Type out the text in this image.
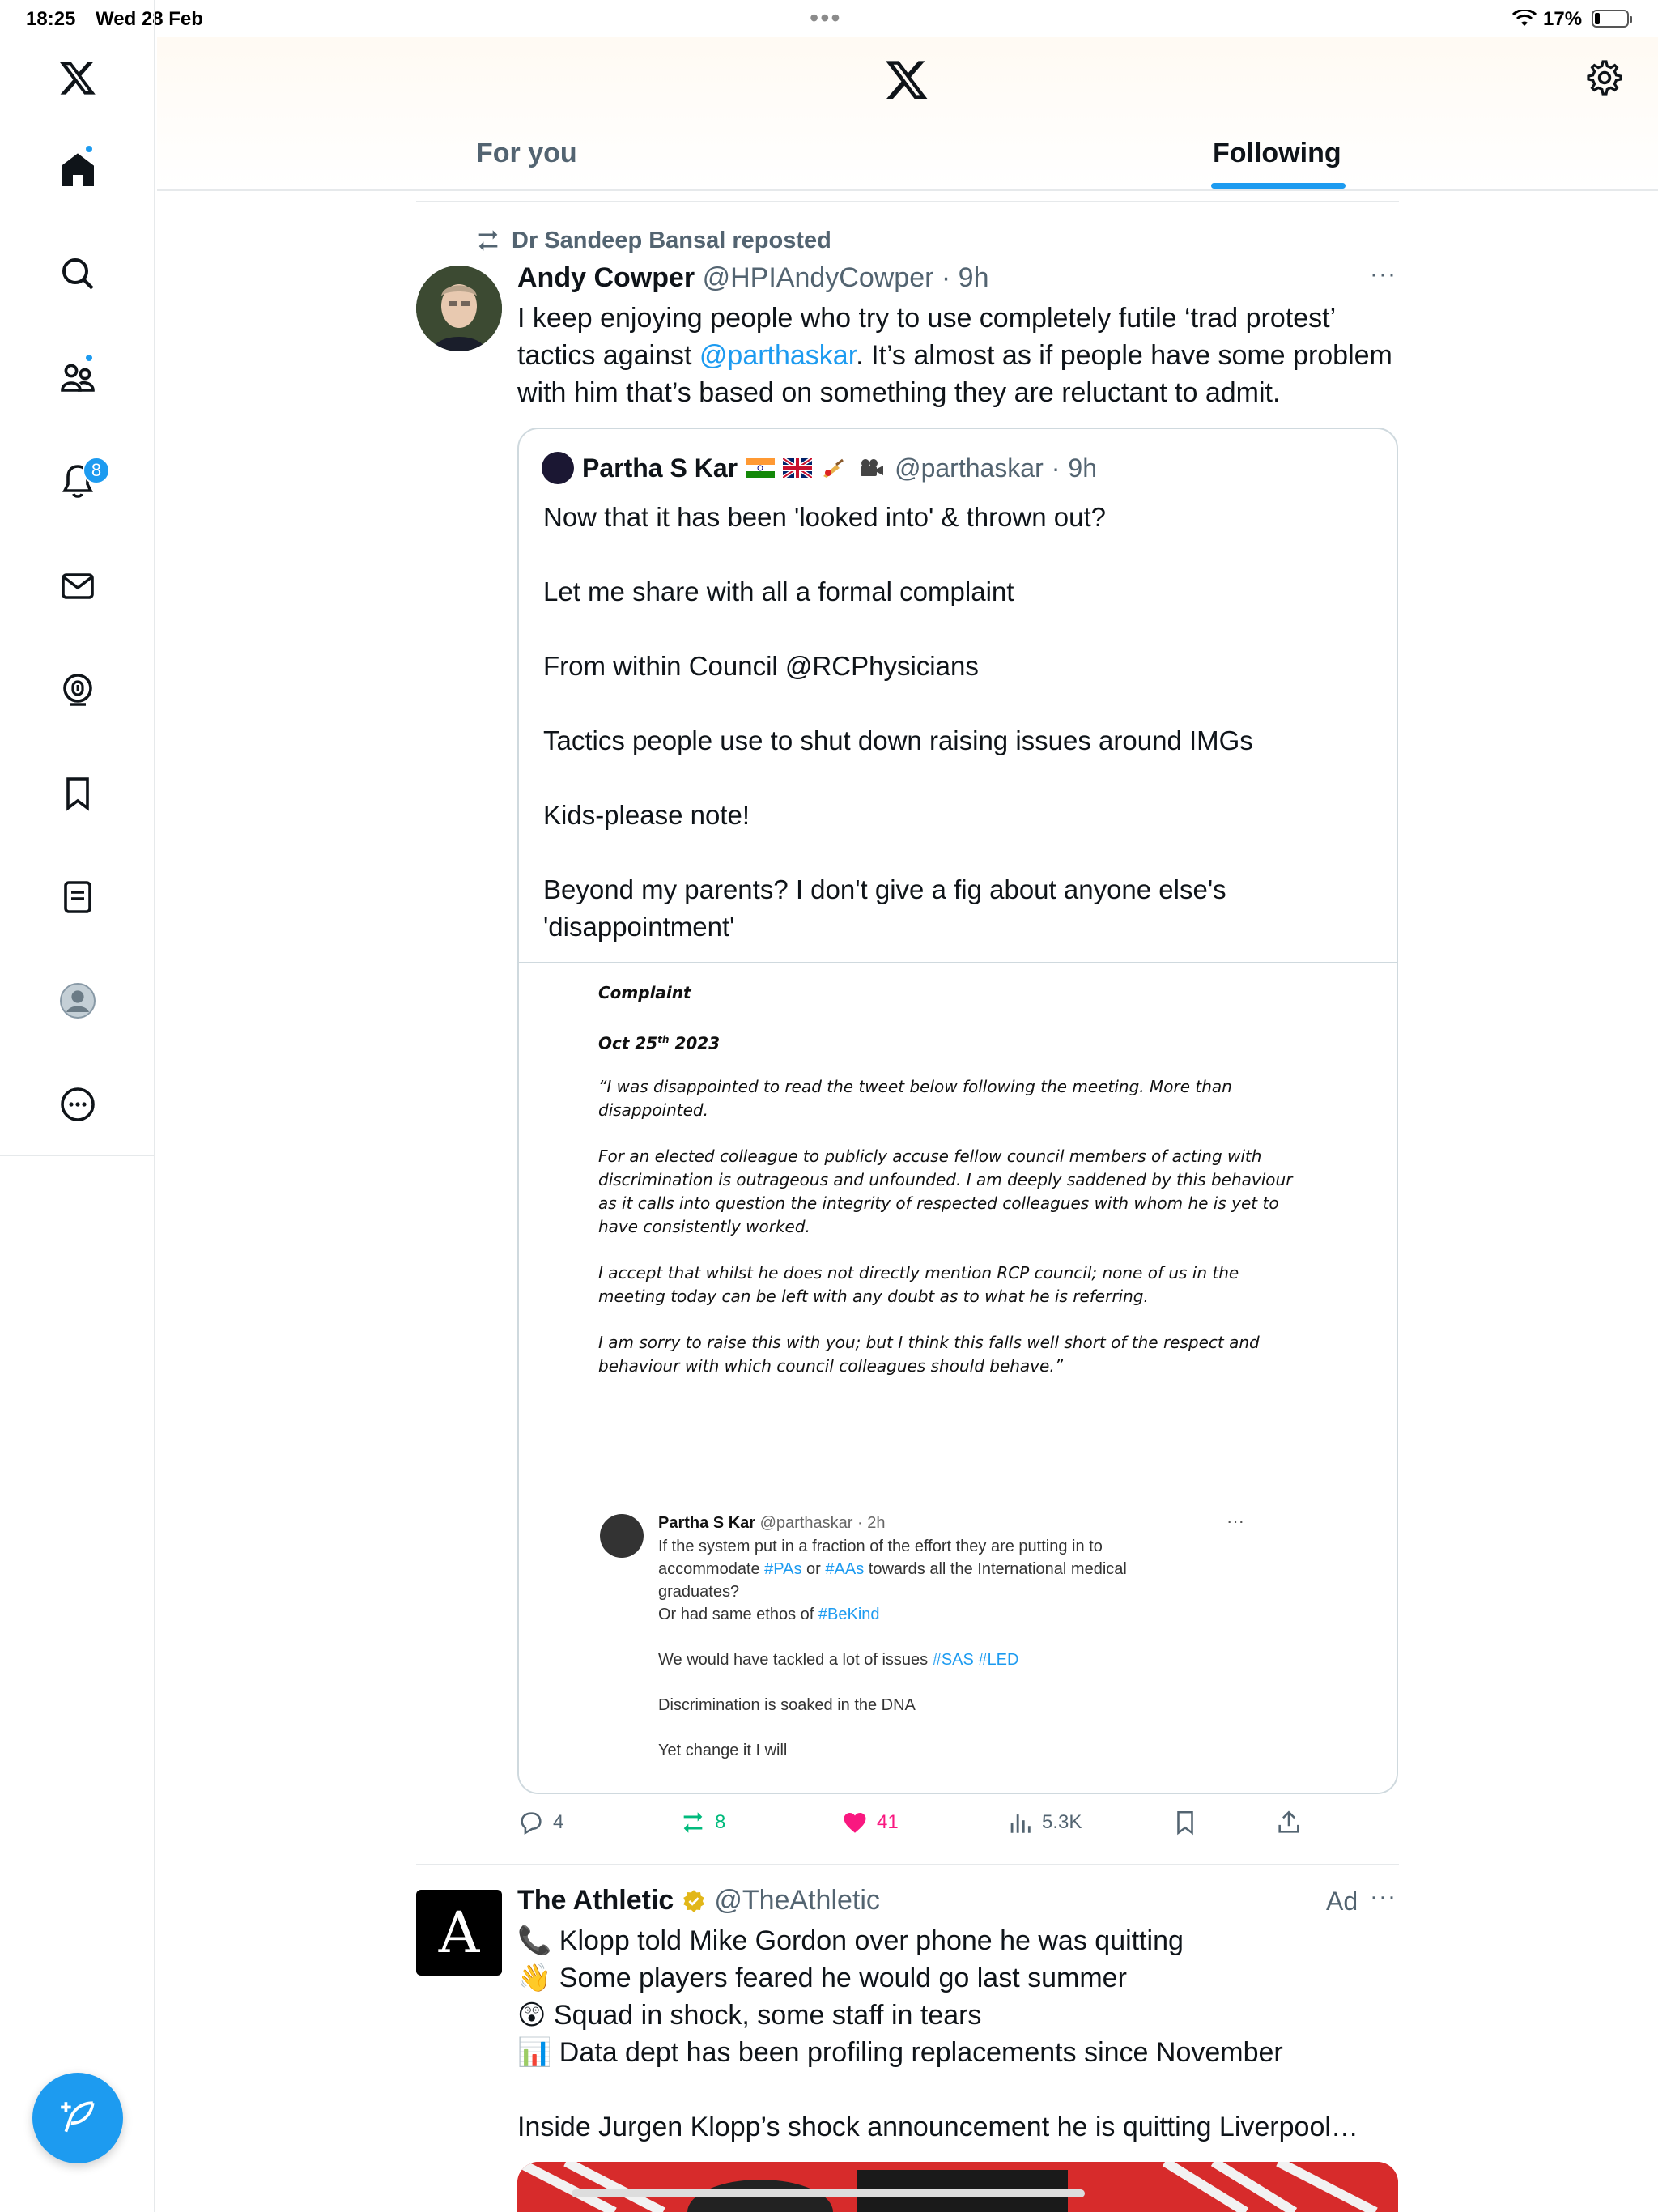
18:25 Wed 28 Feb	•••	17%
8
For you	Following
Dr Sandeep Bansal reposted
Andy Cowper @HPIAndyCowper · 9h	···
I keep enjoying people who try to use completely futile ‘trad protest’ tactics against @parthaskar. It’s almost as if people have some problem with him that’s based on something they are reluctant to admit.
Partha S Kar	@parthaskar · 9h
Now that it has been 'looked into' & thrown out?

Let me share with all a formal complaint

From within Council @RCPhysicians

Tactics people use to shut down raising issues around IMGs

Kids-please note!

Beyond my parents? I don't give a fig about anyone else's 'disappointment'
Complaint
Oct 25th 2023
“I was disappointed to read the tweet below following the meeting. More than disappointed.
For an elected colleague to publicly accuse fellow council members of acting with discrimination is outrageous and unfounded. I am deeply saddened by this behaviour as it calls into question the integrity of respected colleagues with whom he is yet to have consistently worked.
I accept that whilst he does not directly mention RCP council; none of us in the meeting today can be left with any doubt as to what he is referring.
I am sorry to raise this with you; but I think this falls well short of the respect and behaviour with which council colleagues should behave.”
Partha S Kar @parthaskar · 2h	···
If the system put in a fraction of the effort they are putting in to accommodate #PAs or #AAs towards all the International medical graduates?
Or had same ethos of #BeKind

We would have tackled a lot of issues #SAS #LED

Discrimination is soaked in the DNA

Yet change it I will
4	8	41	5.3K
A	The Athletic @TheAthletic	Ad ···
📞 Klopp told Mike Gordon over phone he was quitting
👋 Some players feared he would go last summer
😲 Squad in shock, some staff in tears
📊 Data dept has been profiling replacements since November

Inside Jurgen Klopp’s shock announcement he is quitting Liverpool…
